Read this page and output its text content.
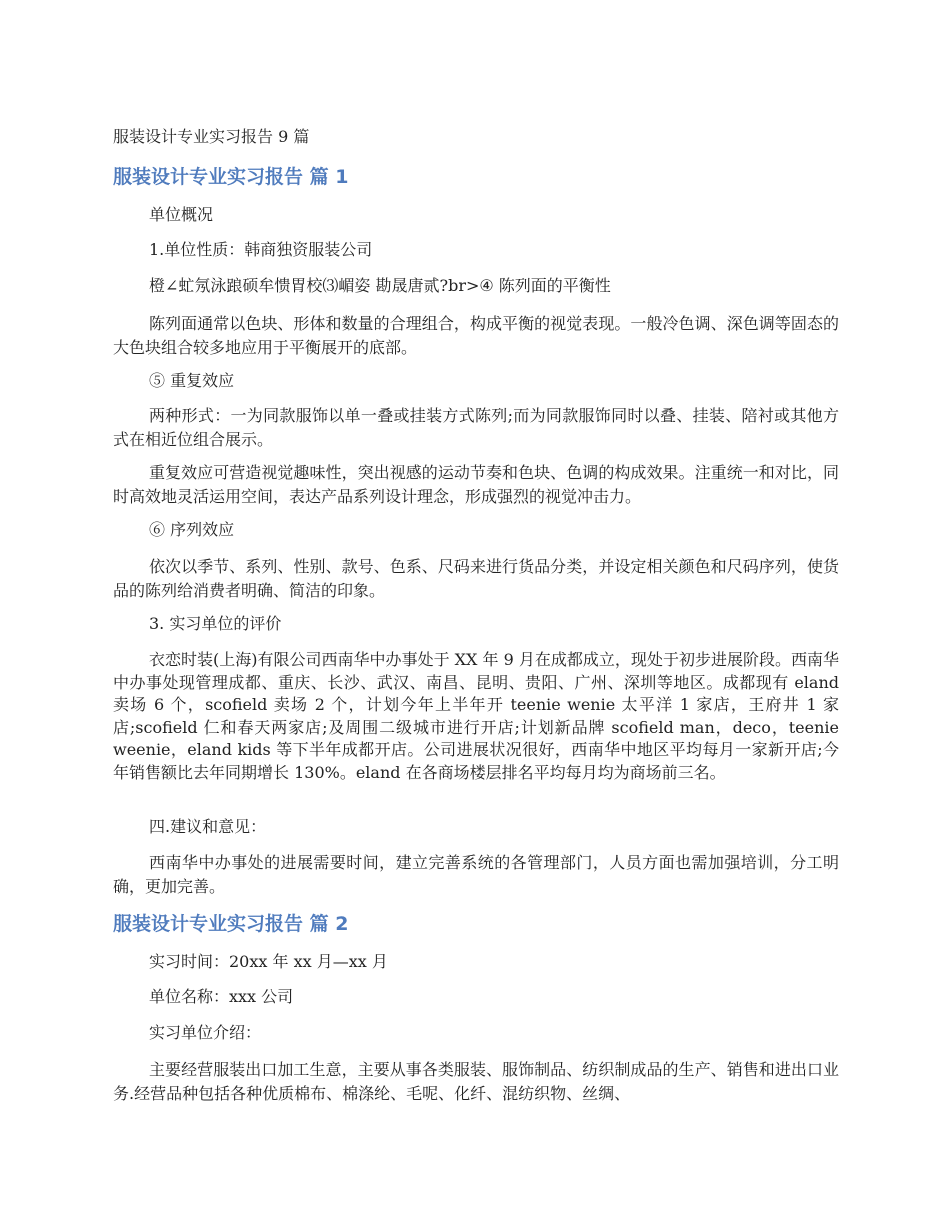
服装设计专业实习报告 9 篇
服装设计专业实习报告 篇 1
单位概况
1.单位性质：韩商独资服装公司
橙∠虻氖泳踉硕牟愦胃校⑶嵋姿 勘晟唐贰?br>④ 陈列面的平衡性
陈列面通常以色块、形体和数量的合理组合，构成平衡的视觉表现。一般冷色调、深色调等固态的大色块组合较多地应用于平衡展开的底部。
⑤ 重复效应
两种形式：一为同款服饰以单一叠或挂装方式陈列;而为同款服饰同时以叠、挂装、陪衬或其他方式在相近位组合展示。
重复效应可营造视觉趣味性，突出视感的运动节奏和色块、色调的构成效果。注重统一和对比，同时高效地灵活运用空间，表达产品系列设计理念，形成强烈的视觉冲击力。
⑥ 序列效应
依次以季节、系列、性别、款号、色系、尺码来进行货品分类，并设定相关颜色和尺码序列，使货品的陈列给消费者明确、简洁的印象。
3. 实习单位的评价
衣恋时装(上海)有限公司西南华中办事处于 XX 年 9 月在成都成立，现处于初步进展阶段。西南华中办事处现管理成都、重庆、长沙、武汉、南昌、昆明、贵阳、广州、深圳等地区。成都现有 eland 卖场 6 个，scofield 卖场 2 个，计划今年上半年开 teenie wenie 太平洋 1 家店，王府井 1 家店;scofield 仁和春天两家店;及周围二级城市进行开店;计划新品牌 scofield man，deco，teenie weenie，eland kids 等下半年成都开店。公司进展状况很好，西南华中地区平均每月一家新开店;今年销售额比去年同期增长 130%。eland 在各商场楼层排名平均每月均为商场前三名。
四.建议和意见：
西南华中办事处的进展需要时间，建立完善系统的各管理部门，人员方面也需加强培训，分工明确，更加完善。
服装设计专业实习报告 篇 2
实习时间：20xx 年 xx 月—xx 月
单位名称：xxx 公司
实习单位介绍：
主要经营服装出口加工生意，主要从事各类服装、服饰制品、纺织制成品的生产、销售和进出口业务.经营品种包括各种优质棉布、棉涤纶、毛呢、化纤、混纺织物、丝绸、
